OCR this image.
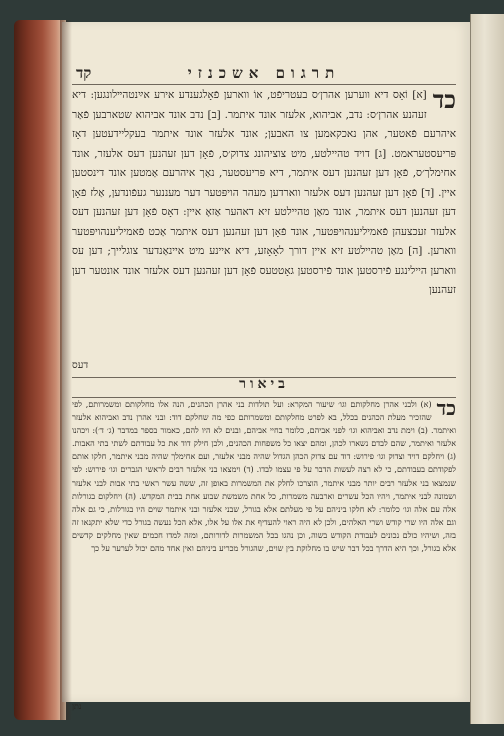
תרגום אשכנזי
קד
כד
[א] וֹאֵס דיא ווערען אהרן׳ס בעטריפֿט, אוֹ ווארען פֿאָלגענדע אירע אײַנטהײלונגען: דיא זעהנע אהרן׳ס: נדב, אביהוא, אלעזר אונד איתמר. [ב] נדב אונד אביהוא שטארבען פֿאַר איהרעם פֿאטער, אהן נאכקאמען צו האבען; אונד אלעזר אונד איתמר בעקליידעטען דאָז פּריעסטעראמט. [ג] דויד טהיילטע, מיט צוציהונג צדוק׳ס, פֿאָן דען זעהנען דעס אלעזר, אונד אחימלך׳ס, פֿאָן דען זעהנען דעס איתמר, דיא פּריעסטער, נאַך איהרעם אַמטען אונד דינסטען איין. [ד] פֿאָן דען זעהנען דעס אלעזר ווארדען מעהר הויפּטער דער מעננער געפֿונדען, אַלז פֿאָן דען זעהנען דעס איתמר, אונד מאַן טהיילטע זיא דאהער אַזאָ איין: דאָס פֿאָן דען זעהנען דעס אלעזר זעכצעהן פֿאמיליענהויפּטער, אונד פֿאָן דען זעהנען דעס איתמר אַכט פֿאמיליענהויפּטער ווארען. [ה] מאַן טהיילטע זיא איין דורך לאָאָזע, דיא איינע מיט איינאַנדער צוגלייך; דען עס ווארען היילינגע פֿירסטען אונד פֿירסטען גאָטטעס פֿאָן דען זעהנען דעס אלעזר אונד אונטער דען זעהנען
דעס
ביאור
כד
(א) ולבני אהרן מחלקותם וגו׳ שיעור המקרא: ועל תולדות בני אהרן הכהנים, הנה אלו מחלקותם ומשמרותם, לפי שהזכיר מעלת הכהנים בכלל, בא לפרט מחלקותם ומשמרותם כפי מה שחלקם דוד: ובני אהרן נדב ואביהוא אלעזר ואיתמר. (ב) וימת נדב ואביהוא וגו׳ לפני אביהם, כלומר בחיי אביהם, ובנים לא היו להם, כאמור בספר במדבר (ג׳ ד׳): ויכהנו אלעזר ואיתמר, שהם לבדם נשארו לכהן, ומהם יצאו כל משפחות הכהנים, ולכן חילק דוד את כל עבודתם לשתי בתי האבות. (ג) ויחלקם דויד וצדוק וגו׳ פירוש: דוד עם צדוק הכהן הגדול שהיה מבני אלעזר, ועם אחימלך שהיה מבני איתמר, חלקו אותם לפקודתם בעבודתם, כי לא רצה לעשות הדבר על פי עצמו לבדו. (ד) וימצאו בני אלעזר רבים לראשי הגברים וגו׳ פירוש: לפי שנמצאו בני אלעזר רבים יותר מבני איתמר, הוצרכו לחלק את המשמרות באופן זה, ששה עשר ראשי בתי אבות לבני אלעזר ושמונה לבני איתמר, ויהיו הכל עשרים וארבעה משמרות, כל אחת משמשת שבוע אחת בבית המקדש. (ה) ויחלקום בגורלות אלה עם אלה וגו׳ כלומר: לא חלקו ביניהם על פי מעלתם אלא בגורל, שבני אלעזר ובני איתמר שוים היו בגורלות, כי גם אלה וגם אלה היו שרי קודש ושרי האלהים, ולכן לא היה ראוי להעדיף את אלו על אלו, אלא הכל נעשה בגורל כדי שלא יתקנאו זה בזה, ושיהיו כולם נכונים לעבודת הקודש בשוה, וכן נהגו בכל המשמרות לדורותם, ומזה למדו חכמים שאין מחלקים קדשים אלא בגורל, וכך היא הדרך בכל דבר שיש בו מחלוקת בין שוים, שהגורל מכריע ביניהם ואין אחד מהם יכול לערער על כך
נתן
